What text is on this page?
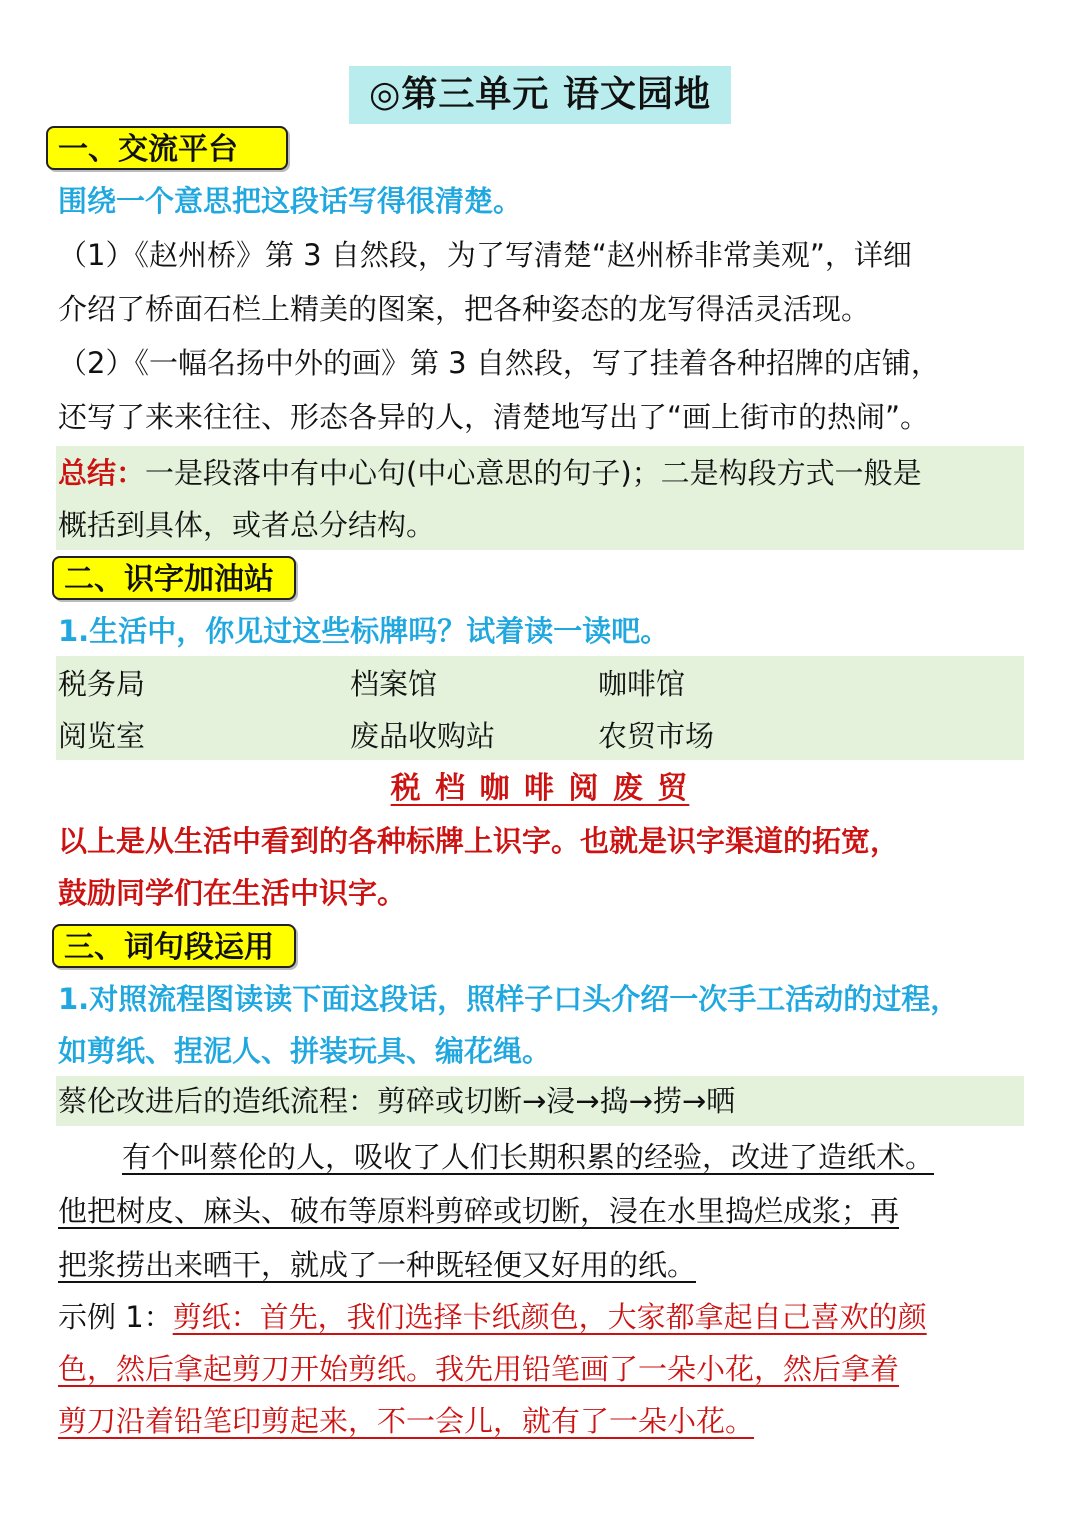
◎第三单元 语文园地
一、交流平台
围绕一个意思把这段话写得很清楚。
（1）《赵州桥》第 3 自然段，为了写清楚“赵州桥非常美观”，详细
介绍了桥面石栏上精美的图案，把各种姿态的龙写得活灵活现。
（2）《一幅名扬中外的画》第 3 自然段，写了挂着各种招牌的店铺，
还写了来来往往、形态各异的人，清楚地写出了“画上街市的热闹”。
总结：一是段落中有中心句(中心意思的句子)；二是构段方式一般是
概括到具体，或者总分结构。
二、识字加油站
1.生活中，你见过这些标牌吗？试着读一读吧。
税务局	档案馆	咖啡馆
阅览室	废品收购站	农贸市场
税 档 咖 啡 阅 废 贸
以上是从生活中看到的各种标牌上识字。也就是识字渠道的拓宽，
鼓励同学们在生活中识字。
三、词句段运用
1.对照流程图读读下面这段话，照样子口头介绍一次手工活动的过程，
如剪纸、捏泥人、拼装玩具、编花绳。
蔡伦改进后的造纸流程：剪碎或切断→浸→捣→捞→晒
有个叫蔡伦的人，吸收了人们长期积累的经验，改进了造纸术。
他把树皮、麻头、破布等原料剪碎或切断，浸在水里捣烂成浆；再
把浆捞出来晒干，就成了一种既轻便又好用的纸。
示例 1：剪纸：首先，我们选择卡纸颜色，大家都拿起自己喜欢的颜
色，然后拿起剪刀开始剪纸。我先用铅笔画了一朵小花，然后拿着
剪刀沿着铅笔印剪起来，不一会儿，就有了一朵小花。
